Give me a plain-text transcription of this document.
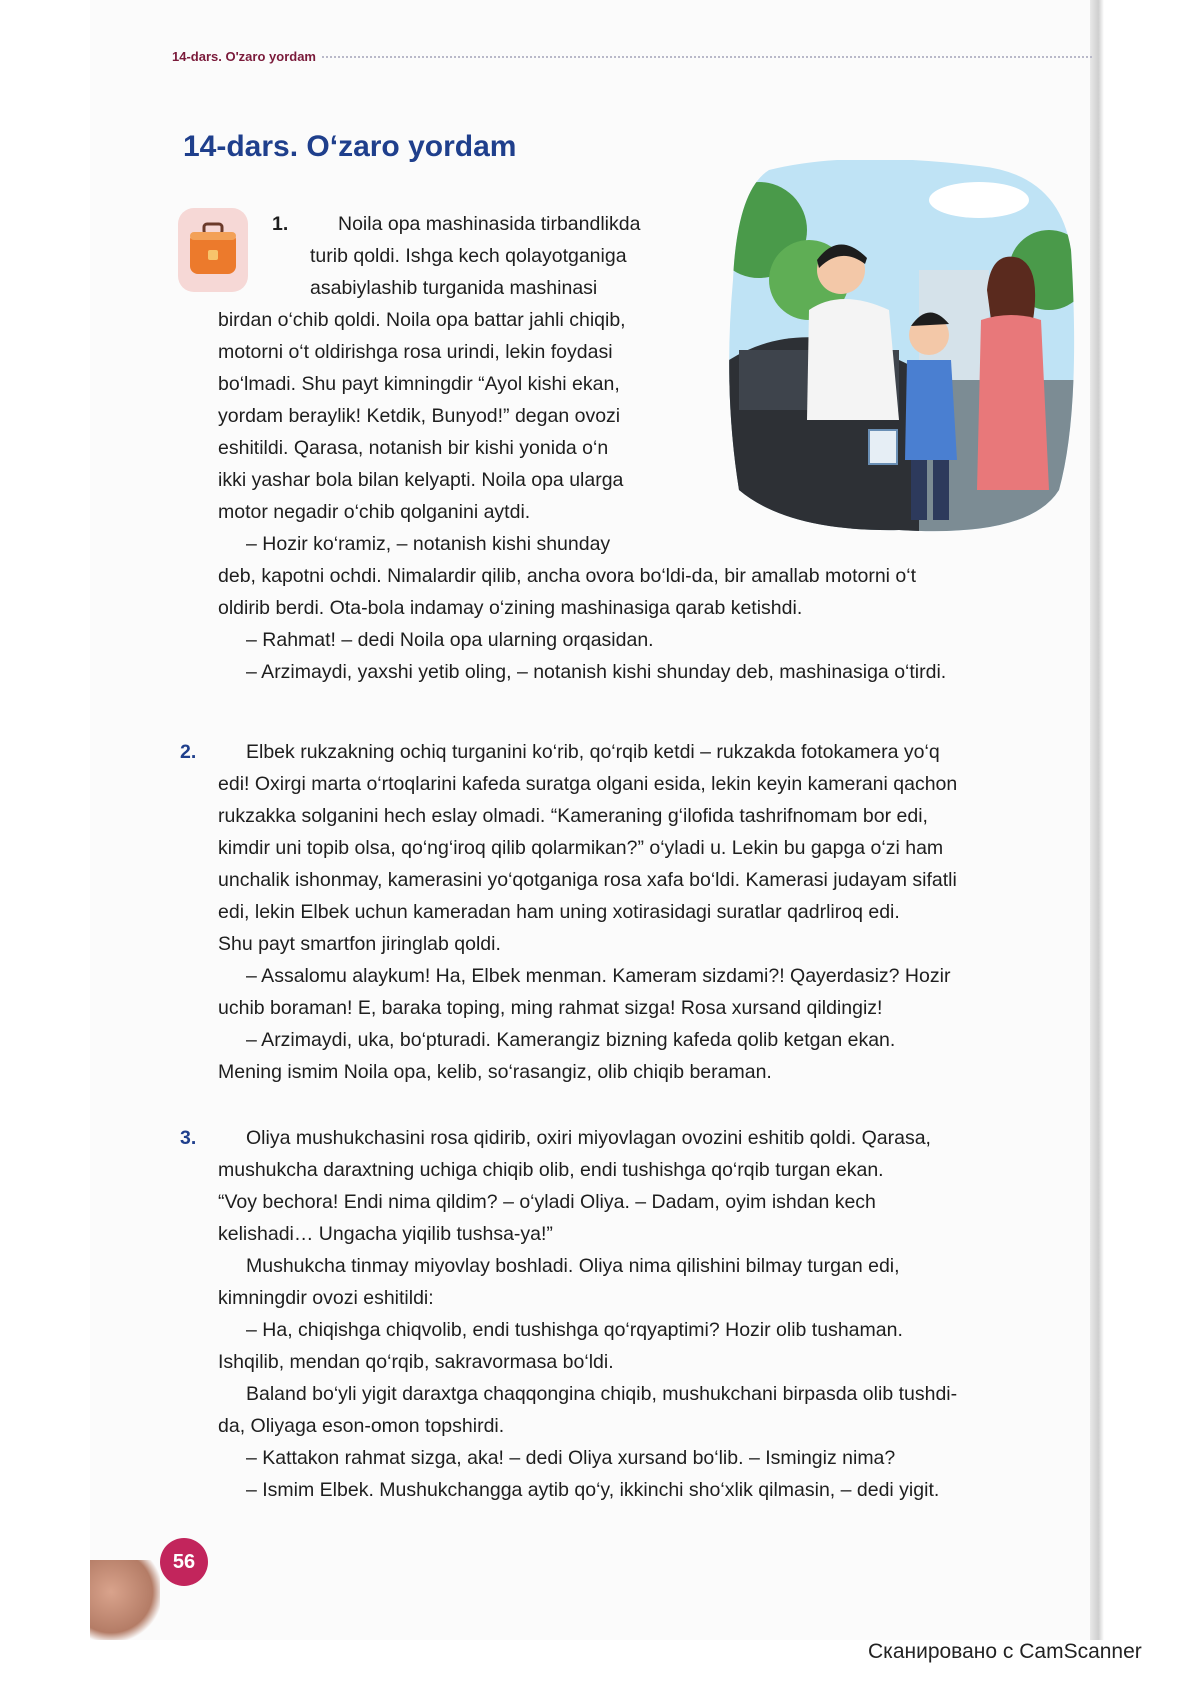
14-dars. O'zaro yordam
14-dars. O‘zaro yordam
1.	Noila opa mashinasida tirbandlikda

turib qoldi. Ishga kech qolayotganiga

asabiylashib turganida mashinasi

birdan o‘chib qoldi. Noila opa battar jahli chiqib,

motorni o‘t oldirishga rosa urindi, lekin foydasi

bo‘lmadi. Shu payt kimningdir “Ayol kishi ekan,

yordam beraylik! Ketdik, Bunyod!” degan ovozi

eshitildi. Qarasa, notanish bir kishi yonida o‘n

ikki yashar bola bilan kelyapti. Noila opa ularga

motor negadir o‘chib qolganini aytdi.

– Hozir ko‘ramiz, – notanish kishi shunday

deb, kapotni ochdi. Nimalardir qilib, ancha ovora bo‘ldi-da, bir amallab motorni o‘t

oldirib berdi. Ota-bola indamay o‘zining mashinasiga qarab ketishdi.

– Rahmat! – dedi Noila opa ularning orqasidan.

– Arzimaydi, yaxshi yetib oling, – notanish kishi shunday deb, mashinasiga o‘tirdi.

2.	Elbek rukzakning ochiq turganini ko‘rib, qo‘rqib ketdi – rukzakda fotokamera yo‘q

edi! Oxirgi marta o‘rtoqlarini kafeda suratga olgani esida, lekin keyin kamerani qachon

rukzakka solganini hech eslay olmadi. “Kameraning g‘ilofida tashrifnomam bor edi,

kimdir uni topib olsa, qo‘ng‘iroq qilib qolarmikan?” o‘yladi u. Lekin bu gapga o‘zi ham

unchalik ishonmay, kamerasini yo‘qotganiga rosa xafa bo‘ldi. Kamerasi judayam sifatli

edi, lekin Elbek uchun kameradan ham uning xotirasidagi suratlar qadrliroq edi.

Shu payt smartfon jiringlab qoldi.

– Assalomu alaykum! Ha, Elbek menman. Kameram sizdami?! Qayerdasiz? Hozir

uchib boraman! E, baraka toping, ming rahmat sizga! Rosa xursand qildingiz!

– Arzimaydi, uka, bo‘pturadi. Kamerangiz bizning kafeda qolib ketgan ekan.

Mening ismim Noila opa, kelib, so‘rasangiz, olib chiqib beraman.

3.	Oliya mushukchasini rosa qidirib, oxiri miyovlagan ovozini eshitib qoldi. Qarasa,

mushukcha daraxtning uchiga chiqib olib, endi tushishga qo‘rqib turgan ekan.

“Voy bechora! Endi nima qildim? – o‘yladi Oliya. – Dadam, oyim ishdan kech

kelishadi… Ungacha yiqilib tushsa-ya!”

Mushukcha tinmay miyovlay boshladi. Oliya nima qilishini bilmay turgan edi,

kimningdir ovozi eshitildi:

– Ha, chiqishga chiqvolib, endi tushishga qo‘rqyaptimi? Hozir olib tushaman.

Ishqilib, mendan qo‘rqib, sakravormasa bo‘ldi.

Baland bo‘yli yigit daraxtga chaqqongina chiqib, mushukchani birpasda olib tushdi-

da, Oliyaga eson-omon topshirdi.

– Kattakon rahmat sizga, aka! – dedi Oliya xursand bo‘lib. – Ismingiz nima?

– Ismim Elbek. Mushukchangga aytib qo‘y, ikkinchi sho‘xlik qilmasin, – dedi yigit.

56
Сканировано с CamScanner
